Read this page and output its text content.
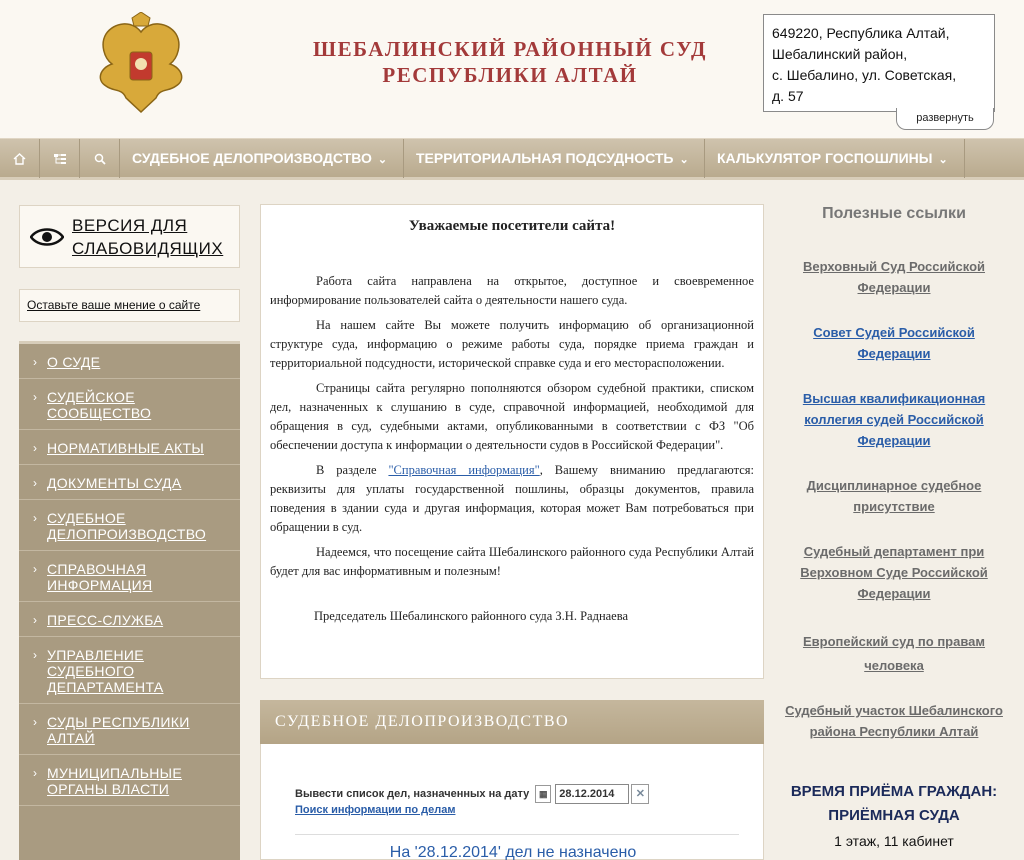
ШЕБАЛИНСКИЙ РАЙОННЫЙ СУД
РЕСПУБЛИКИ АЛТАЙ
649220, Республика Алтай,
Шебалинский район,
с. Шебалино, ул. Советская,
д. 57
развернуть
СУДЕБНОЕ ДЕЛОПРОИЗВОДСТВО ⌄	ТЕРРИТОРИАЛЬНАЯ ПОДСУДНОСТЬ ⌄	КАЛЬКУЛЯТОР ГОСПОШЛИНЫ ⌄
ВЕРСИЯ ДЛЯ
СЛАБОВИДЯЩИХ
Оставьте ваше мнение о сайте
› О СУДЕ
› СУДЕЙСКОЕ СООБЩЕСТВО
› НОРМАТИВНЫЕ АКТЫ
› ДОКУМЕНТЫ СУДА
› СУДЕБНОЕ ДЕЛОПРОИЗВОДСТВО
› СПРАВОЧНАЯ ИНФОРМАЦИЯ
› ПРЕСС-СЛУЖБА
› УПРАВЛЕНИЕ СУДЕБНОГО ДЕПАРТАМЕНТА
› СУДЫ РЕСПУБЛИКИ АЛТАЙ
› МУНИЦИПАЛЬНЫЕ ОРГАНЫ ВЛАСТИ
Уважаемые посетители сайта!

Работа сайта направлена на открытое, доступное и своевременное информирование пользователей сайта о деятельности нашего суда.

На нашем сайте Вы можете получить информацию об организационной структуре суда, информацию о режиме работы суда, порядке приема граждан и территориальной подсудности, исторической справке суда и его месторасположении.

Страницы сайта регулярно пополняются обзором судебной практики, списком дел, назначенных к слушанию в суде, справочной информацией, необходимой для обращения в суд, судебными актами, опубликованными в соответствии с ФЗ "Об обеспечении доступа к информации о деятельности судов в Российской Федерации".

В разделе "Справочная информация", Вашему вниманию предлагаются: реквизиты для уплаты государственной пошлины, образцы документов, правила поведения в здании суда и другая информация, которая может Вам потребоваться при обращении в суд.

Надеемся, что посещение сайта Шебалинского районного суда Республики Алтай будет для вас информативным и полезным!

Председатель Шебалинского районного суда З.Н. Раднаева

СУДЕБНОЕ ДЕЛОПРОИЗВОДСТВО
Вывести список дел, назначенных на дату	▦	28.12.2014	✕
Поиск информации по делам
На '28.12.2014' дел не назначено
Полезные ссылки
Верховный Суд Российской Федерации
Совет Судей Российской Федерации
Высшая квалификационная коллегия судей Российской Федерации
Дисциплинарное судебное присутствие
Судебный департамент при Верховном Суде Российской Федерации
Европейский суд по правам человека
Судебный участок Шебалинского района Республики Алтай
ВРЕМЯ ПРИЁМА ГРАЖДАН:
ПРИЁМНАЯ СУДА
1 этаж, 11 кабинет
